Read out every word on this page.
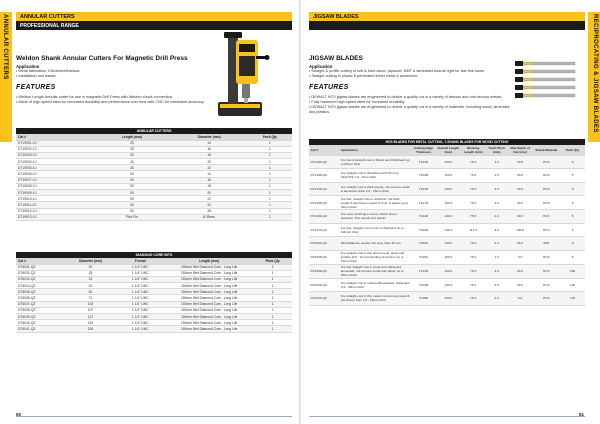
ANNULAR CUTTERS	ANNULAR CUTTERS
PROFESSIONAL RANGE
Weldon Shank Annular Cutters For Magnetic Drill Press
Application
• Metal fabrication, Electromechanical.
• Installation and trades.
FEATURES
• Weldon Length Annular cutter for use in magnetic Drill Press with Weldon chuck connection.
• Made of high speed steel for increased durability and performance over time with CNC for consistent accuracy.
ANNULAR CUTTERS			
Cat #	Length (mm)	Diameter (mm)	Pack Qty
DT19001-XJ	25	14	1
DT19002-XJ	25	16	1
DT19003-XJ	25	18	1
DT19004-XJ	25	20	1
DT19005-XJ	25	22	1
DT19006-XJ	50	14	1
DT19007-XJ	50	16	1
DT19008-XJ	50	18	1
DT19009-XJ	50	20	1
DT19010-XJ	50	22	1
DT19011-XJ	50	24	1
DT19012-XJ	50	26	1
DT19013-XJ	Pilot Pin	6.35mm	1
DIAMOND CORE BITS				
Cat #	Diameter (mm)	Thread	Length (mm)	Pack Qty
DT6031-QZ	20	1 1/4" UNC	150mm Wet Diamond Core - Long Life	1
DT6032-QZ	25	1 1/4" UNC	150mm Wet Diamond Core - Long Life	1
DT6033-QZ	32	1 1/4" UNC	150mm Wet Diamond Core - Long Life	1
DT6034-QZ	52	1 1/4" UNC	150mm Wet Diamond Core - Long Life	1
DT6035-QZ	62	1 1/4" UNC	150mm Wet Diamond Core - Long Life	1
DT6036-QZ	72	1 1/4" UNC	150mm Wet Diamond Core - Long Life	1
DT6037-QZ	102	1 1/4" UNC	150mm Wet Diamond Core - Long Life	1
DT6038-QZ	107	1 1/4" UNC	150mm Wet Diamond Core - Long Life	1
DT6039-QZ	127	1 1/4" UNC	150mm Wet Diamond Core - Long Life	1
DT6040-QZ	152	1 1/4" UNC	150mm Wet Diamond Core - Long Life	1
DT6041-QZ	200	1 1/4" UNC	150mm Wet Diamond Core - Long Life	1
50
RECIPROCATING & JIGSAW BLADES
JIGSAW BLADES
JIGSAW BLADES
Application
• Straight & profile cutting of soft & hard wood, plywood, MDF & laminated boards right for fast fine noise.
• Straight cutting in plastic & perforated sheet metal & aluminium.
FEATURES
• DEWALT HCS jigsaw blades are engineered to deliver a quality cut in a variety of famous and non-ferrous metals.
• Fully hardened high speed steel for increased durability.
• DEWALT HCS jigsaw blades are engineered to deliver a quality cut in a variety of materials, including wood, laminates and plastics.
HCS BLADES FOR METAL CUTTING, T-SHANK BLADES FOR WOOD CUTTING								
Cat #	Application	Cutting Edge Thickness	Overall Length (mm)	Working Length (mm)	Teeth Pitch (mm)	Max Depth of Cut (mm)	Shank Material	Pack Qty
DT2160-QZ	For fast & straight cuts in Wood and Chipboard up to 60mm thick	T144D	100.0	75.0	4.0	60.0	HCS	5
DT2165-QZ	For straight cuts in Wood/wood (5-50 mm) thick/Thin 1.0 - 8mm thick	T101B	100.0	75.0	2.5	50.0	HCS	5
DT2166-QZ	For straight cuts in thick woods, non-ferrous metal & aluminium thick 2.5 - 15mm thick	T101D	100.0	75.0	4.0	50.0	HCS	5
DT2168-QZ	For fast, straight cuts in softwood >40 thick, woods & aluminium sheets 5.0mm & plastic up to 30mm thick	T127D	100.0	75.0	3.0	50.0	HCS	5
DT2169-QZ	For curve finishing in wood, plastic sheet surfaces, Thin woods and plastic	T144D	100.0	75.0	4.0	60.0	HCS	5
DT2170-QZ	For fast, straight curve cuts in chipboard up to 100mm thick	T344D	132.0	117.0	4.0	100.0	HCS	5
DT2204-QZ	Multi Material, woods, hot amp, fiber 30 mm	T234X	100.0	75.0	2.3	65.0	BIM	5
DT2206-QZ	For straight cuts in thin sheet metal, pipes and profiles (0.5 - 1mm) including aluminium up to 10mm thick	T118A	100.0	75.0	1.2	3.0	HCS	5
DT2208-QZ	For fast straight cuts in wood and chipboard, laminated, non-ferrous metal and plastic up to 60mm thick	T144D	100.0	75.0	4.0	60.0	HCS	100
DT2209-QZ	For straight cuts in softwood/hardwood, chipboard 3-6 - 30mm thick	T101B	100.0	75.0	2.5	50.0	HCS	100
DT2210-QZ	For straight cuts in thin metal, non-ferrous metal & aluminium from 2.5 - 15mm thick	T118B	100.0	75.0	2.0	6.0	HCS	100
51
